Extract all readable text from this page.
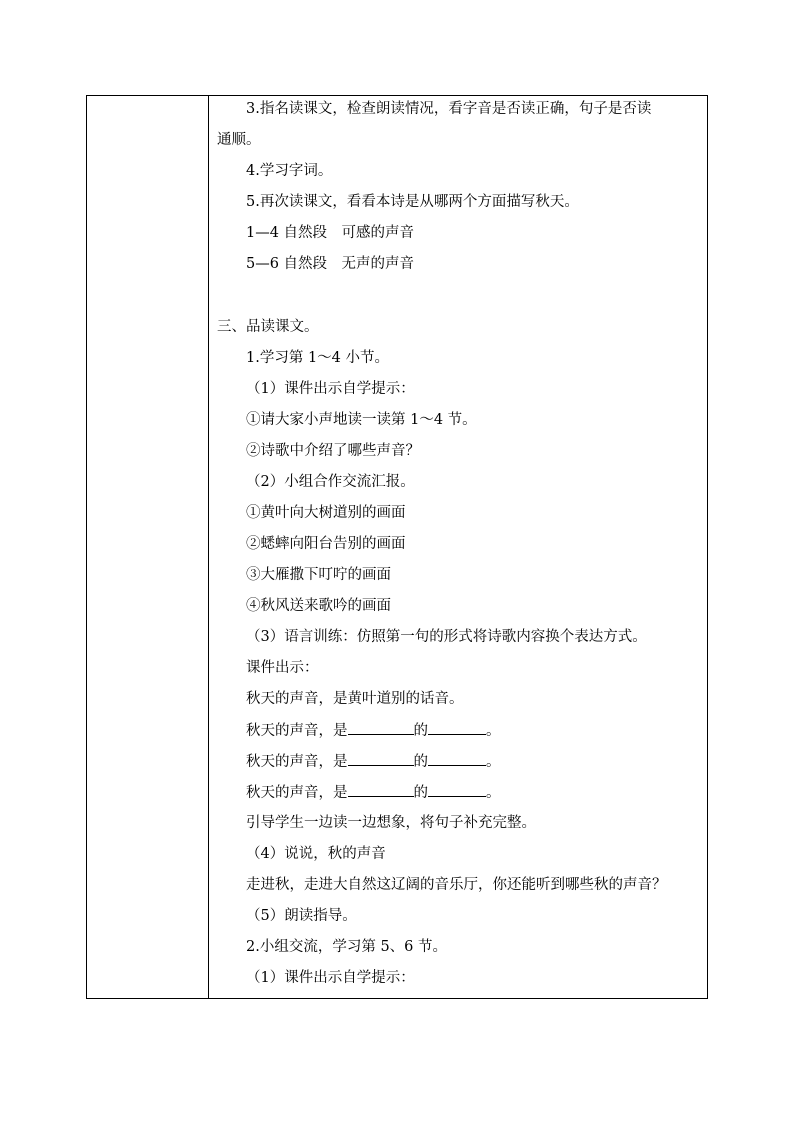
3.指名读课文，检查朗读情况，看字音是否读正确，句子是否读
通顺。
4.学习字词。
5.再次读课文，看看本诗是从哪两个方面描写秋天。
1—4 自然段　可感的声音
5—6 自然段　无声的声音
三、品读课文。
1.学习第 1～4 小节。
（1）课件出示自学提示：
①请大家小声地读一读第 1～4 节。
②诗歌中介绍了哪些声音？
（2）小组合作交流汇报。
①黄叶向大树道别的画面
②蟋蟀向阳台告别的画面
③大雁撒下叮咛的画面
④秋风送来歌吟的画面
（3）语言训练：仿照第一句的形式将诗歌内容换个表达方式。
课件出示：
秋天的声音，是黄叶道别的话音。
秋天的声音，是	的	。
秋天的声音，是	的	。
秋天的声音，是	的	。
引导学生一边读一边想象，将句子补充完整。
（4）说说，秋的声音
走进秋，走进大自然这辽阔的音乐厅，你还能听到哪些秋的声音？
（5）朗读指导。
2.小组交流，学习第 5、6 节。
（1）课件出示自学提示：
